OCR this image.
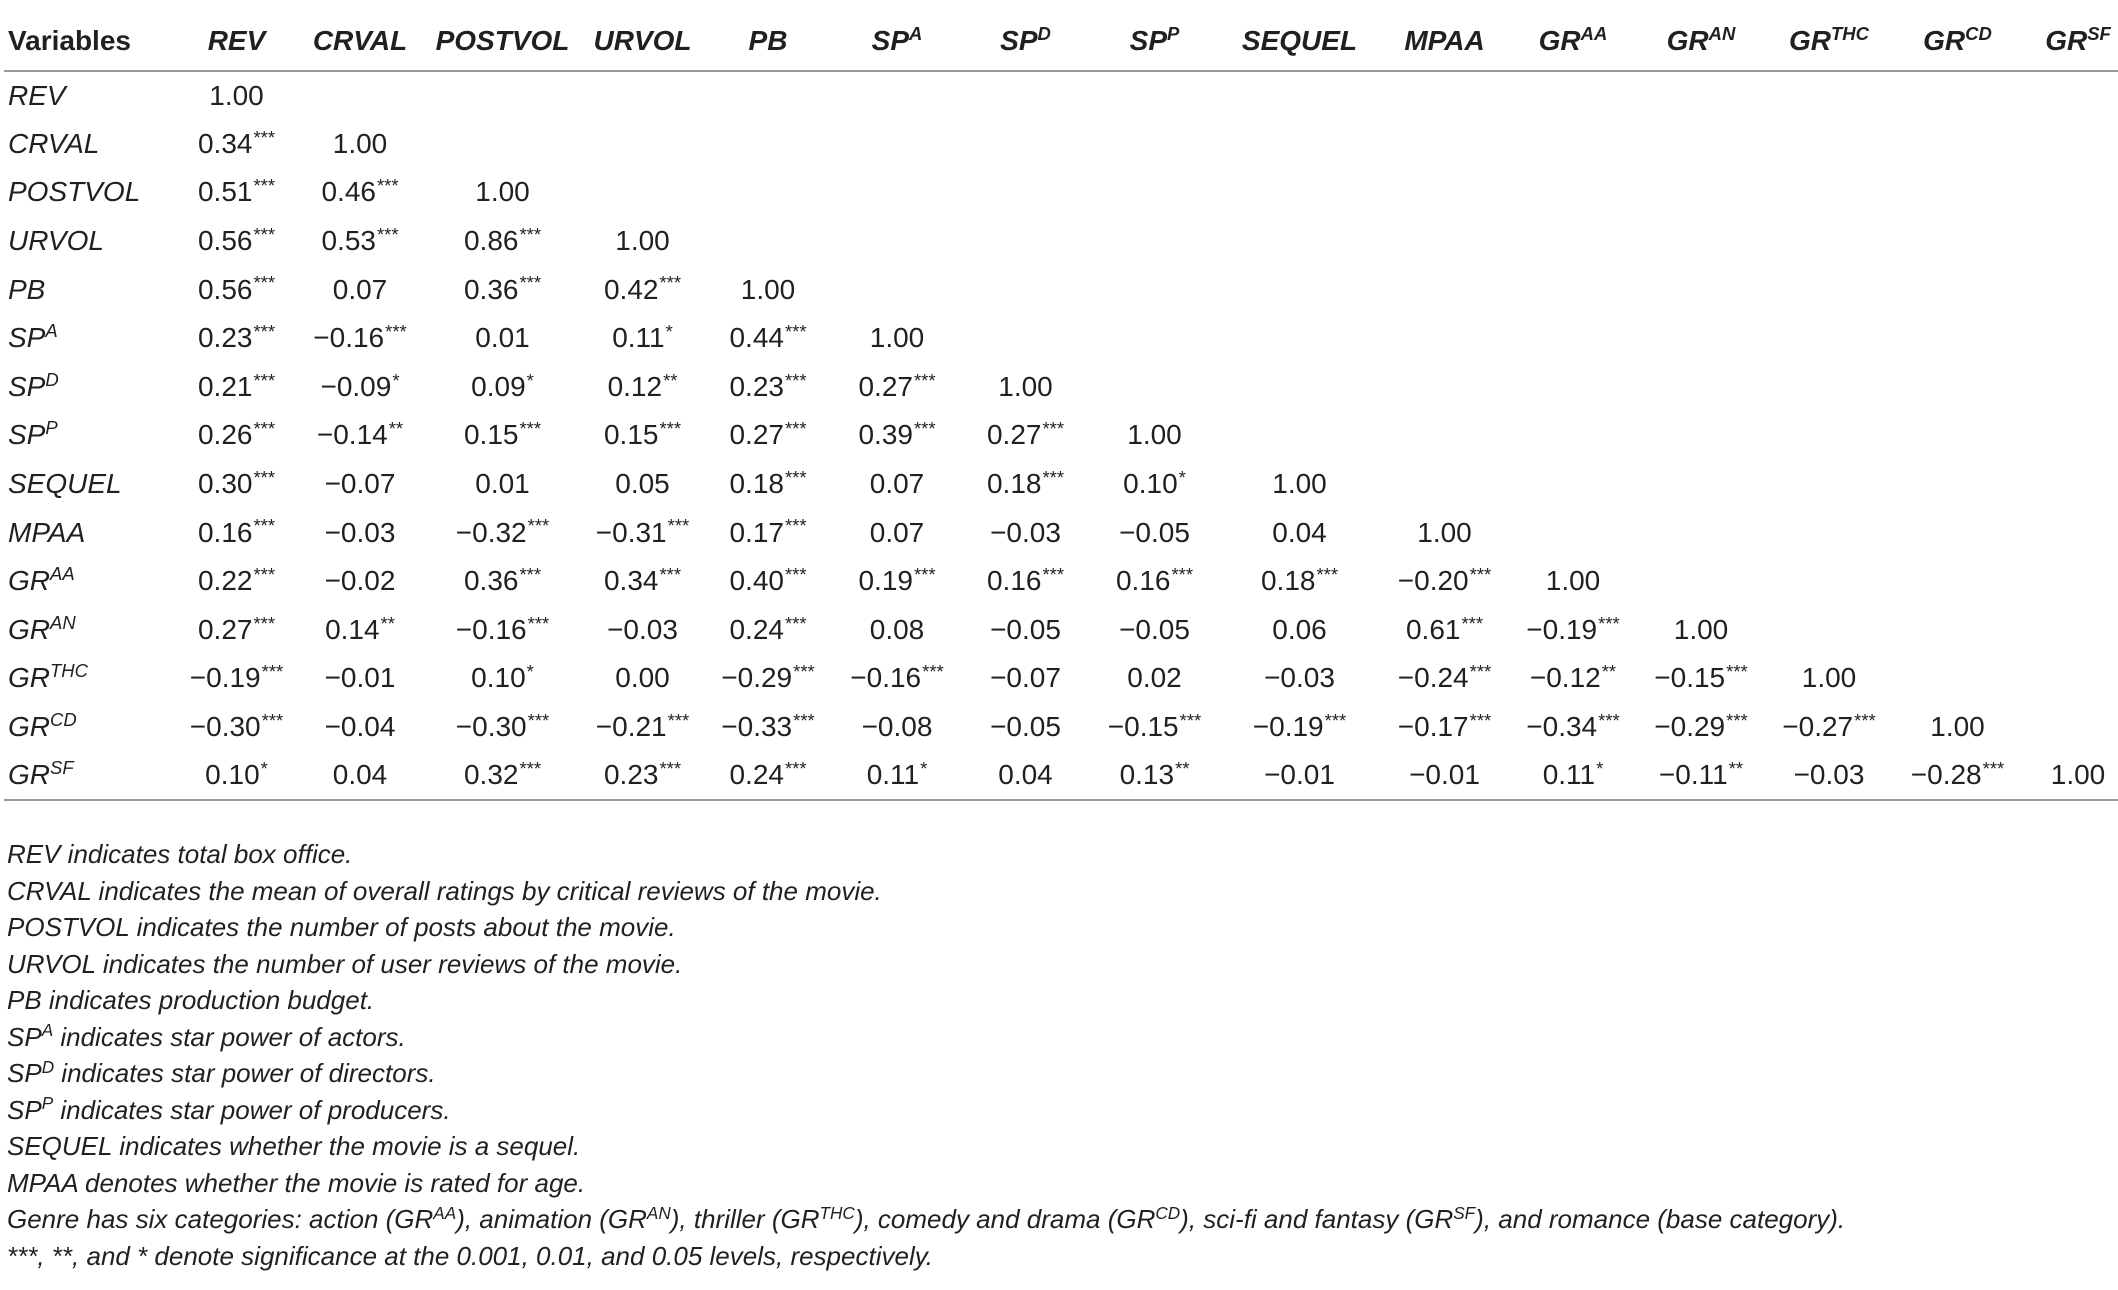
Variables	REV	CRVAL	POSTVOL	URVOL	PB	$SP^A$	$SP^D$	$SP^P$	SEQUEL	MPAA	$GR^{AA}$	$GR^{AN}$	$GR^{THC}$	$GR^{CD}$	$GR^{SF}$
REV	1.00														
CRVAL	0.34***	1.00													
POSTVOL	0.51***	0.46***	1.00												
URVOL	0.56***	0.53***	0.86***	1.00											
PB	0.56***	0.07	0.36***	0.42***	1.00										
$SP^A$	0.23***	−0.16***	0.01	0.11*	0.44***	1.00									
$SP^D$	0.21***	−0.09*	0.09*	0.12**	0.23***	0.27***	1.00								
$SP^P$	0.26***	−0.14**	0.15***	0.15***	0.27***	0.39***	0.27***	1.00							
SEQUEL	0.30***	−0.07	0.01	0.05	0.18***	0.07	0.18***	0.10*	1.00						
MPAA	0.16***	−0.03	−0.32***	−0.31***	0.17***	0.07	−0.03	−0.05	0.04	1.00					
$GR^{AA}$	0.22***	−0.02	0.36***	0.34***	0.40***	0.19***	0.16***	0.16***	0.18***	−0.20***	1.00				
$GR^{AN}$	0.27***	0.14**	−0.16***	−0.03	0.24***	0.08	−0.05	−0.05	0.06	0.61***	−0.19***	1.00			
$GR^{THC}$	−0.19***	−0.01	0.10*	0.00	−0.29***	−0.16***	−0.07	0.02	−0.03	−0.24***	−0.12**	−0.15***	1.00		
$GR^{CD}$	−0.30***	−0.04	−0.30***	−0.21***	−0.33***	−0.08	−0.05	−0.15***	−0.19***	−0.17***	−0.34***	−0.29***	−0.27***	1.00	
$GR^{SF}$	0.10*	0.04	0.32***	0.23***	0.24***	0.11*	0.04	0.13**	−0.01	−0.01	0.11*	−0.11**	−0.03	−0.28***	1.00
REV indicates total box office.
CRVAL indicates the mean of overall ratings by critical reviews of the movie.
POSTVOL indicates the number of posts about the movie.
URVOL indicates the number of user reviews of the movie.
PB indicates production budget.
$SP^A$ indicates star power of actors.
$SP^D$ indicates star power of directors.
$SP^P$ indicates star power of producers.
SEQUEL indicates whether the movie is a sequel.
MPAA denotes whether the movie is rated for age.
Genre has six categories: action $(GR^{AA})$, animation $(GR^{AN})$, thriller $(GR^{THC})$, comedy and drama $(GR^{CD})$, sci-fi and fantasy $(GR^{SF})$, and romance (base category).
***, **, and * denote significance at the 0.001, 0.01, and 0.05 levels, respectively.
